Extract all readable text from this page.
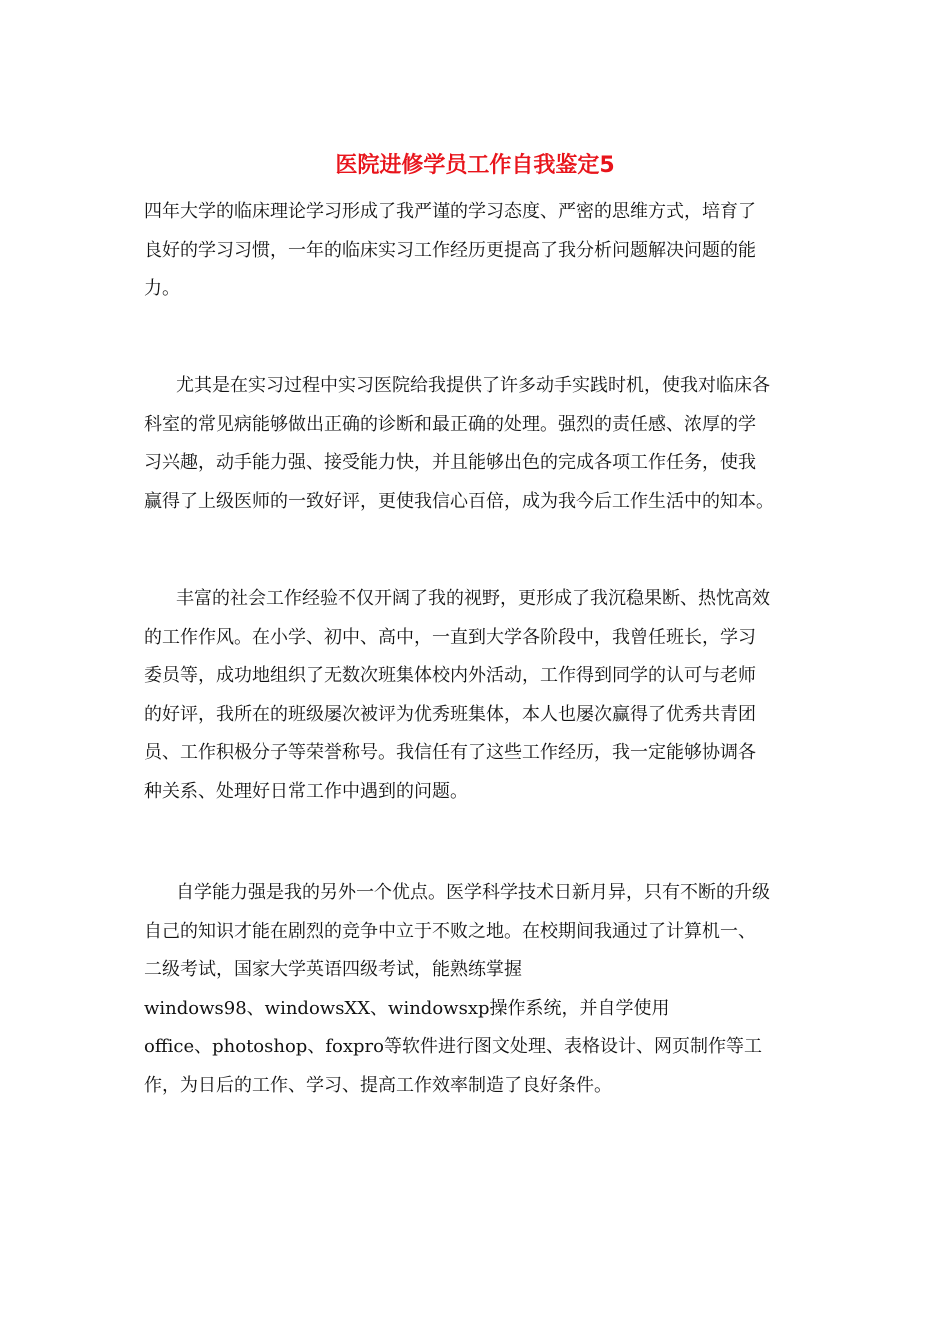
医院进修学员工作自我鉴定5
四年大学的临床理论学习形成了我严谨的学习态度、严密的思维方式，培育了
良好的学习习惯，一年的临床实习工作经历更提高了我分析问题解决问题的能
力。
尤其是在实习过程中实习医院给我提供了许多动手实践时机，使我对临床各
科室的常见病能够做出正确的诊断和最正确的处理。强烈的责任感、浓厚的学
习兴趣，动手能力强、接受能力快，并且能够出色的完成各项工作任务，使我
赢得了上级医师的一致好评，更使我信心百倍，成为我今后工作生活中的知本。
丰富的社会工作经验不仅开阔了我的视野，更形成了我沉稳果断、热忱高效
的工作作风。在小学、初中、高中，一直到大学各阶段中，我曾任班长，学习
委员等，成功地组织了无数次班集体校内外活动，工作得到同学的认可与老师
的好评，我所在的班级屡次被评为优秀班集体，本人也屡次赢得了优秀共青团
员、工作积极分子等荣誉称号。我信任有了这些工作经历，我一定能够协调各
种关系、处理好日常工作中遇到的问题。
自学能力强是我的另外一个优点。医学科学技术日新月异，只有不断的升级
自己的知识才能在剧烈的竞争中立于不败之地。在校期间我通过了计算机一、
二级考试，国家大学英语四级考试，能熟练掌握
windows98、windowsXX、windowsxp操作系统，并自学使用
office、photoshop、foxpro等软件进行图文处理、表格设计、网页制作等工
作，为日后的工作、学习、提高工作效率制造了良好条件。
